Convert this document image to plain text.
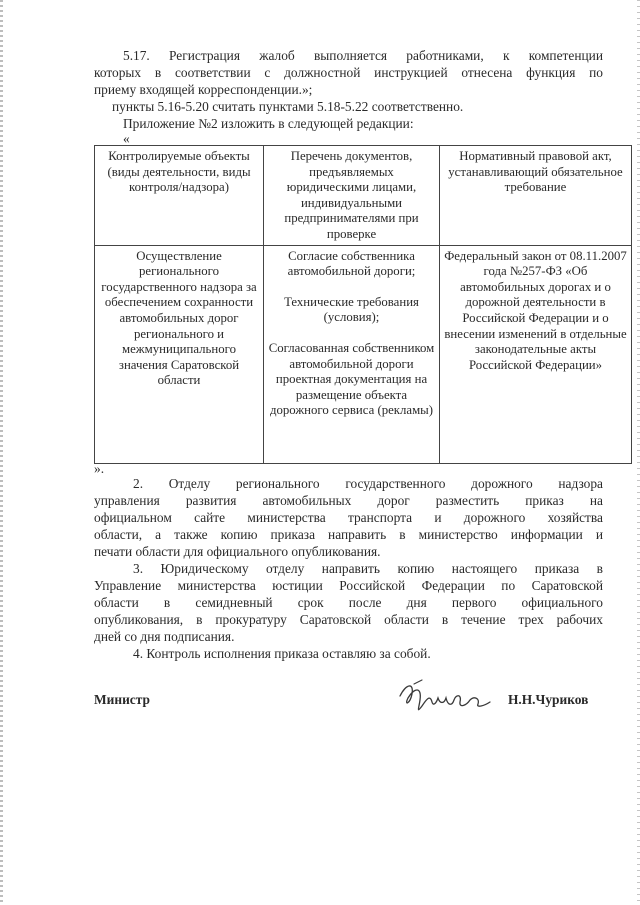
5.17. Регистрация жалоб выполняется работниками, к компетенции
которых в соответствии с должностной инструкцией отнесена функция по
приему входящей корреспонденции.»;
пункты 5.16-5.20 считать пунктами 5.18-5.22 соответственно.
Приложение №2 изложить в следующей редакции:
«
Контролируемые объекты (виды деятельности, виды контроля/надзора)	Перечень документов, предъявляемых юридическими лицами, индивидуальными предпринимателями при проверке	Нормативный правовой акт, устанавливающий обязательное требование
Осуществление регионального государственного надзора за обеспечением сохранности автомобильных дорог регионального и межмуниципального значения Саратовской области	Согласие собственника автомобильной дороги;
Технические требования (условия);
Согласованная собственником автомобильной дороги проектная документация на размещение объекта дорожного сервиса (рекламы)	Федеральный закон от 08.11.2007 года №257-ФЗ «Об автомобильных дорогах и о дорожной деятельности в Российской Федерации и о внесении изменений в отдельные законодательные акты Российской Федерации»
».
2. Отделу регионального государственного дорожного надзора
управления развития автомобильных дорог разместить приказ на
официальном сайте министерства транспорта и дорожного хозяйства
области, а также копию приказа направить в министерство информации и
печати области для официального опубликования.
3. Юридическому отделу направить копию настоящего приказа в
Управление министерства юстиции Российской Федерации по Саратовской
области в семидневный срок после дня первого официального
опубликования, в прокуратуру Саратовской области в течение трех рабочих
дней со дня подписания.
4. Контроль исполнения приказа оставляю за собой.
Министр	Н.Н.Чуриков
